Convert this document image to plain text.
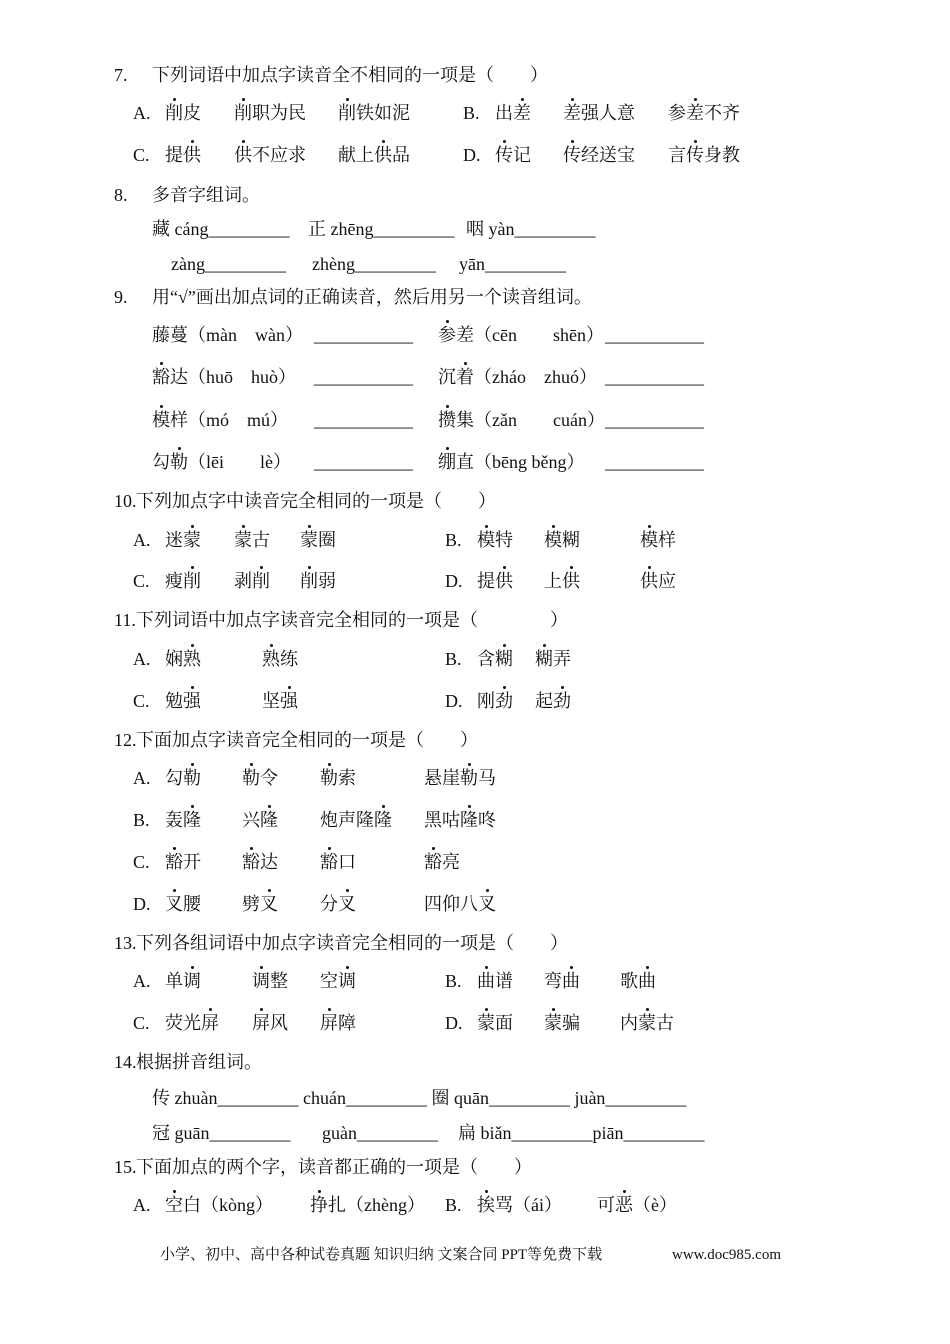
7. 下列词语中加点字读音全不相同的一项是（　　）
A. 削皮 削职为民 削铁如泥	B. 出差 差强人意 参差不齐
C. 提供 供不应求 献上供品	D. 传记 传经送宝 言传身教
8. 多音字组词。
藏 cáng_________ 正 zhēng_________ 咽 yàn_________
zàng_________ zhèng_________ yān_________
9. 用“√”画出加点词的正确读音，然后用另一个读音组词。
藤蔓 （màn　wàn） ___________ 参差 （cēn　　shēn） ___________
豁达 （huō　huò） ___________ 沉着 （zháo　zhuó） ___________
模样 （mó　mú） ___________ 攒集 （zǎn　　cuán） ___________
勾勒 （lēi　　lè） ___________ 绷直 （bēng běng） ___________
10. 下列加点字中读音完全相同的一项是（　　）
A. 迷蒙 蒙古 蒙圈	B. 模特 模糊	模样
C. 瘦削 剥削 削弱	D. 提供 上供	供应
11. 下列词语中加点字读音完全相同的一项是（　　　　）
A. 娴熟	熟练	B. 含糊 糊弄
C. 勉强	坚强	D. 刚劲 起劲
12. 下面加点字读音完全相同的一项是（　　）
A. 勾勒 勒令 勒索	悬崖勒马
B. 轰隆 兴隆 炮声隆隆 黑咕隆咚
C. 豁开 豁达 豁口	豁亮
D. 叉腰 劈叉 分叉	四仰八叉
13. 下列各组词语中加点字读音完全相同的一项是（　　）
A. 单调	调整 空调	B. 曲谱 弯曲 歌曲
C. 荧光屏 屏风 屏障	D. 蒙面 蒙骗 内蒙古
14. 根据拼音组词。
传 zhuàn_________ chuán_________ 圈 quān_________ juàn_________
冠 guān_________ guàn_________ 扁 biǎn_________piān_________
15. 下面加点的两个字，读音都正确的一项是（　　）
A. 空白 （kòng） 挣扎 （zhèng） B. 挨骂 （ái） 可恶 （è）
小学、初中、高中各种试卷真题 知识归纳 文案合同 PPT等免费下载	www.doc985.com
